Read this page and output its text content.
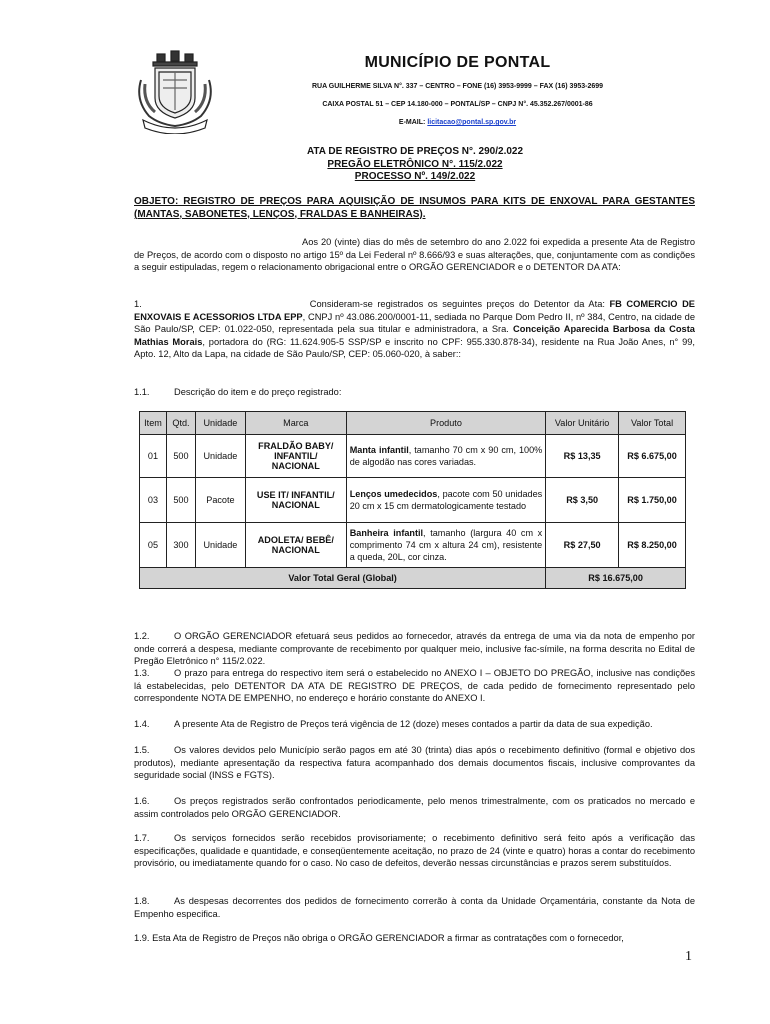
MUNICÍPIO DE PONTAL
RUA GUILHERME SILVA N°. 337 – CENTRO – FONE (16) 3953-9999 – FAX (16) 3953-2699
CAIXA POSTAL 51 – CEP 14.180-000 – PONTAL/SP – CNPJ N°. 45.352.267/0001-86
E-MAIL: licitacao@pontal.sp.gov.br
ATA DE REGISTRO DE PREÇOS N°. 290/2.022
PREGÃO ELETRÔNICO N°. 115/2.022
PROCESSO Nº. 149/2.022
OBJETO: REGISTRO DE PREÇOS PARA AQUISIÇÃO DE INSUMOS PARA KITS DE ENXOVAL PARA GESTANTES (MANTAS, SABONETES, LENÇOS, FRALDAS E BANHEIRAS).
Aos 20 (vinte) dias do mês de setembro do ano 2.022 foi expedida a presente Ata de Registro de Preços, de acordo com o disposto no artigo 15º da Lei Federal nº 8.666/93 e suas alterações, que, conjuntamente com as condições a seguir estipuladas, regem o relacionamento obrigacional entre o ORGÃO GERENCIADOR e o DETENTOR DA ATA:
1.	Consideram-se registrados os seguintes preços do Detentor da Ata: FB COMERCIO DE ENXOVAIS E ACESSORIOS LTDA EPP, CNPJ nº 43.086.200/0001-11, sediada no Parque Dom Pedro II, nº 384, Centro, na cidade de São Paulo/SP, CEP: 01.022-050, representada pela sua titular e administradora, a Sra. Conceição Aparecida Barbosa da Costa Mathias Morais, portadora do (RG: 11.624.905-5 SSP/SP e inscrito no CPF: 955.330.878-34), residente na Rua João Anes, n° 99, Apto. 12, Alto da Lapa, na cidade de São Paulo/SP, CEP: 05.060-020, à saber::
1.1.	Descrição do item e do preço registrado:
Item	Qtd.	Unidade	Marca	Produto	Valor Unitário	Valor Total
01	500	Unidade	FRALDÃO BABY/ INFANTIL/ NACIONAL	Manta infantil, tamanho 70 cm x 90 cm, 100% de algodão nas cores variadas.	R$ 13,35	R$ 6.675,00
03	500	Pacote	USE IT/ INFANTIL/ NACIONAL	Lenços umedecidos, pacote com 50 unidades 20 cm x 15 cm dermatologicamente testado	R$ 3,50	R$ 1.750,00
05	300	Unidade	ADOLETA/ BEBÊ/ NACIONAL	Banheira infantil, tamanho (largura 40 cm x comprimento 74 cm x altura 24 cm), resistente a queda, 20L, cor cinza.	R$ 27,50	R$ 8.250,00
Valor Total Geral (Global)					R$ 16.675,00	
1.2.	O ORGÃO GERENCIADOR efetuará seus pedidos ao fornecedor, através da entrega de uma via da nota de empenho por onde correrá a despesa, mediante comprovante de recebimento por qualquer meio, inclusive fac-símile, na forma descrita no Edital de Pregão Eletrônico n° 115/2.022.
1.3.	O prazo para entrega do respectivo item será o estabelecido no ANEXO I – OBJETO DO PREGÃO, inclusive nas condições lá estabelecidas, pelo DETENTOR DA ATA DE REGISTRO DE PREÇOS, de cada pedido de fornecimento representado pelo correspondente NOTA DE EMPENHO, no endereço e horário constante do ANEXO I.
1.4.	A presente Ata de Registro de Preços terá vigência de 12 (doze) meses contados a partir da data de sua expedição.
1.5.	Os valores devidos pelo Município serão pagos em até 30 (trinta) dias após o recebimento definitivo (formal e objetivo dos produtos), mediante apresentação da respectiva fatura acompanhado dos demais documentos fiscais, inclusive comprovantes da seguridade social (INSS e FGTS).
1.6.	Os preços registrados serão confrontados periodicamente, pelo menos trimestralmente, com os praticados no mercado e assim controlados pelo ORGÃO GERENCIADOR.
1.7.	Os serviços fornecidos serão recebidos provisoriamente; o recebimento definitivo será feito após a verificação das especificações, qualidade e quantidade, e conseqüentemente aceitação, no prazo de 24 (vinte e quatro) horas a contar do recebimento provisório, ou imediatamente quando for o caso. No caso de defeitos, deverão nessas circunstâncias e prazos serem substituídos.
1.8.	As despesas decorrentes dos pedidos de fornecimento correrão à conta da Unidade Orçamentária, constante da Nota de Empenho especifica.
1.9. Esta Ata de Registro de Preços não obriga o ORGÃO GERENCIADOR a firmar as contratações com o fornecedor,
1
